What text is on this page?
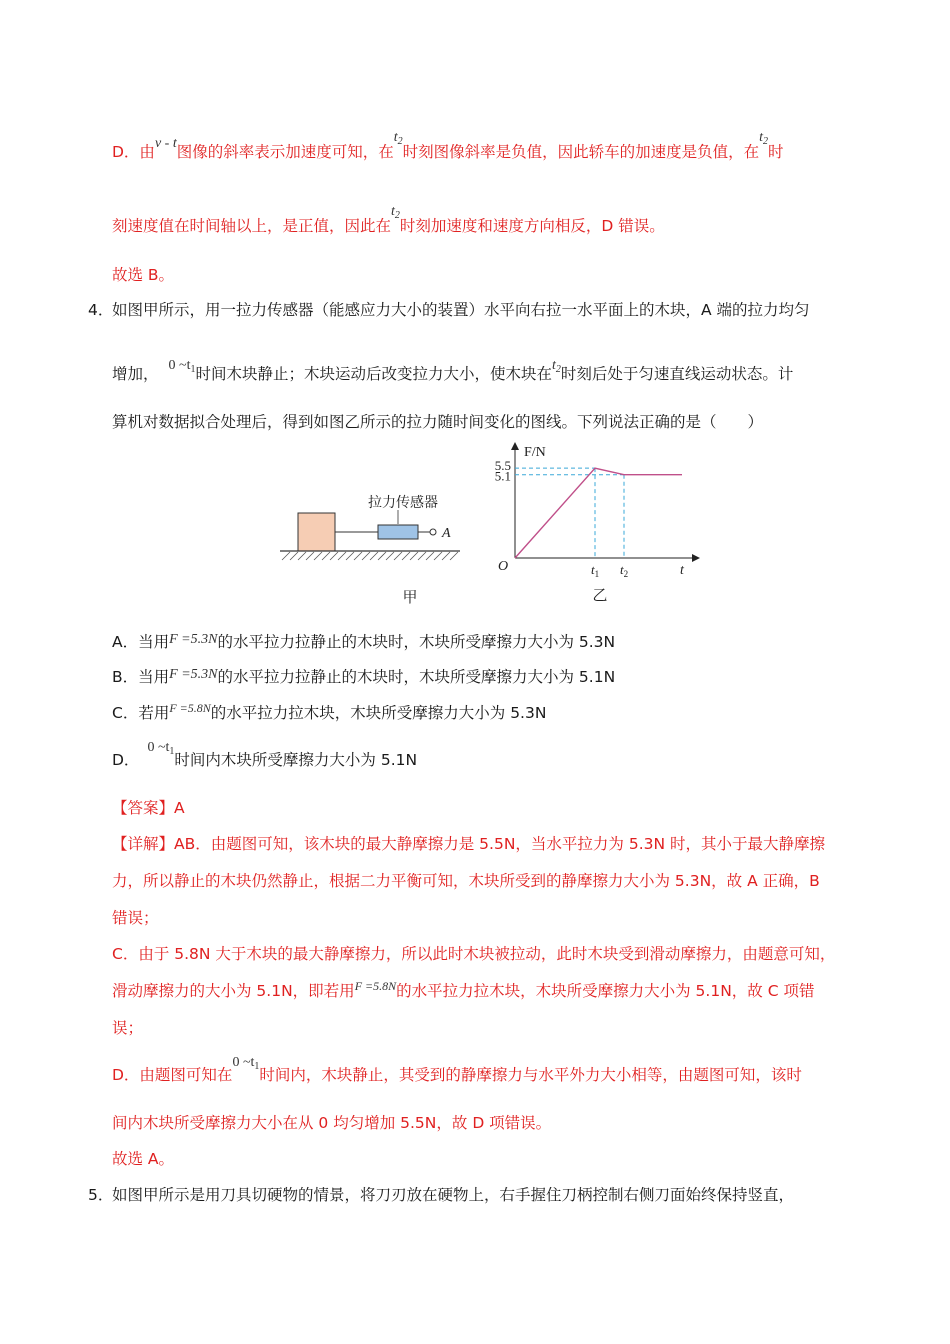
D．由v - t图像的斜率表示加速度可知，在$t_2$时刻图像斜率是负值，因此轿车的加速度是负值，在$t_2$时
刻速度值在时间轴以上，是正值，因此在$t_2$时刻加速度和速度方向相反，D 错误。
故选 B。
4．
如图甲所示，用一拉力传感器（能感应力大小的装置）水平向右拉一水平面上的木块，A 端的拉力均匀
增加， 0 $\sim t_1$时间木块静止；木块运动后改变拉力大小，使木块在$t_2$时刻后处于匀速直线运动状态。计
算机对数据拟合处理后，得到如图乙所示的拉力随时间变化的图线。下列说法正确的是（　　）
A
甲
拉力传感器
F/N
t
O
5.5
5.1
$t_1$ $t_2$
乙
A．当用F =5.3N的水平拉力拉静止的木块时，木块所受摩擦力大小为 5.3N
B．当用F =5.3N的水平拉力拉静止的木块时，木块所受摩擦力大小为 5.1N
C．若用$^{F =5.8N}$的水平拉力拉木块，木块所受摩擦力大小为 5.3N
D．0 $\sim t_1$时间内木块所受摩擦力大小为 5.1N
【答案】A
【详解】AB．由题图可知，该木块的最大静摩擦力是 5.5N，当水平拉力为 5.3N 时，其小于最大静摩擦
力，所以静止的木块仍然静止，根据二力平衡可知，木块所受到的静摩擦力大小为 5.3N，故 A 正确，B
错误；
C．由于 5.8N 大于木块的最大静摩擦力，所以此时木块被拉动，此时木块受到滑动摩擦力，由题意可知，
滑动摩擦力的大小为 5.1N，即若用$^{F =5.8N}$的水平拉力拉木块，木块所受摩擦力大小为 5.1N，故 C 项错
误；
D．由题图可知在0 $\sim t_1$时间内，木块静止，其受到的静摩擦力与水平外力大小相等，由题图可知，该时
间内木块所受摩擦力大小在从 0 均匀增加 5.5N，故 D 项错误。
故选 A。
5．
如图甲所示是用刀具切硬物的情景，将刀刃放在硬物上，右手握住刀柄控制右侧刀面始终保持竖直，
